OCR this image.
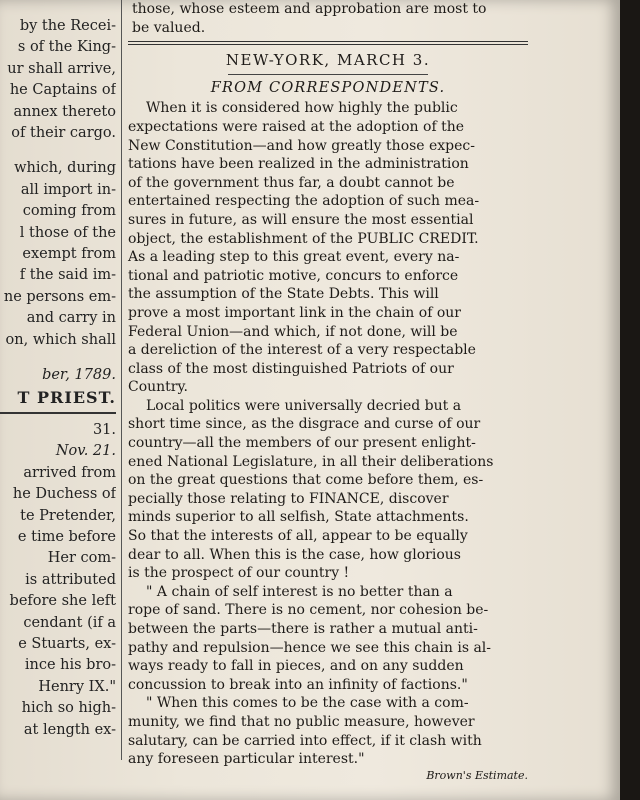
by the Recei-
s of the King-
ur shall arrive,
he Captains of
annex thereto
of their cargo.
which, during
all import in-
coming from
l those of the
exempt from
f the said im-
ne persons em-
and carry in
on, which shall
ber, 1789.
T PRIEST.
31.
Nov. 21.
arrived from
he Duchess of
te Pretender,
e time before
Her com-
is attributed
before she left
cendant (if a
e Stuarts, ex-
ince his bro-
Henry IX."
hich so high-
at length ex-
those, whose esteem and approbation are most to
be valued.
NEW-YORK, MARCH 3.
FROM CORRESPONDENTS.
When it is considered how highly the public
expectations were raised at the adoption of the
New Constitution—and how greatly those expec-
tations have been realized in the administration
of the government thus far, a doubt cannot be
entertained respecting the adoption of such mea-
sures in future, as will ensure the most essential
object, the establishment of the PUBLIC CREDIT.
As a leading step to this great event, every na-
tional and patriotic motive, concurs to enforce
the assumption of the State Debts. This will
prove a most important link in the chain of our
Federal Union—and which, if not done, will be
a dereliction of the interest of a very respectable
class of the most distinguished Patriots of our
Country.
Local politics were universally decried but a
short time since, as the disgrace and curse of our
country—all the members of our present enlight-
ened National Legislature, in all their deliberations
on the great questions that come before them, es-
pecially those relating to FINANCE, discover
minds superior to all selfish, State attachments.
So that the interests of all, appear to be equally
dear to all. When this is the case, how glorious
is the prospect of our country !
" A chain of self interest is no better than a
rope of sand. There is no cement, nor cohesion be-
between the parts—there is rather a mutual anti-
pathy and repulsion—hence we see this chain is al-
ways ready to fall in pieces, and on any sudden
concussion to break into an infinity of factions."
" When this comes to be the case with a com-
munity, we find that no public measure, however
salutary, can be carried into effect, if it clash with
any foreseen particular interest."
Brown's Estimate.
